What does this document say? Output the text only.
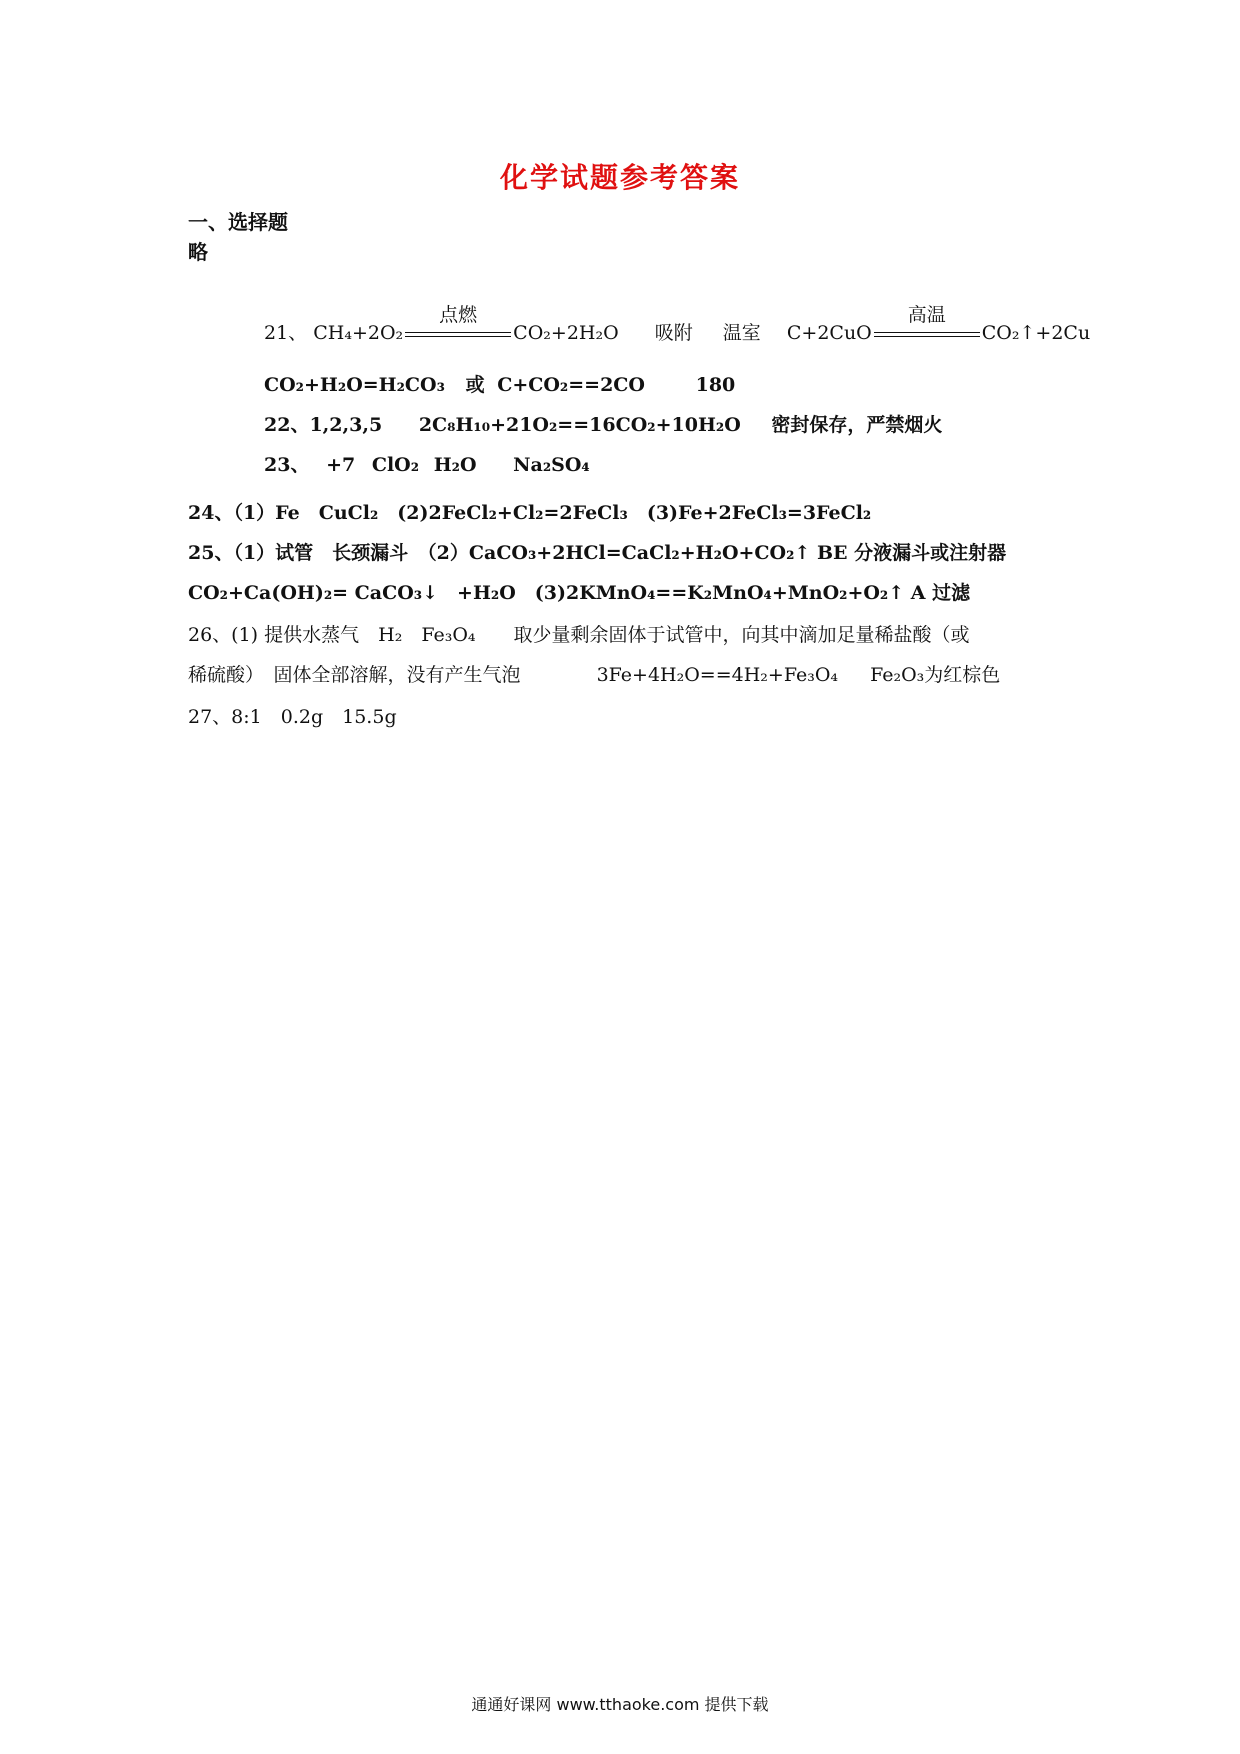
化学试题参考答案
一、选择题
略
21、 CH₄+2O₂
点燃
CO₂+2H₂O 吸附 温室 C+2CuO
高温
CO₂↑+2Cu
CO₂+H₂O=H₂CO₃ 或 C+CO₂==2CO	180
22、1,2,3,5 2C₈H₁₀+21O₂==16CO₂+10H₂O 密封保存，严禁烟火
23、 +7 ClO₂ H₂O Na₂SO₄
24、（1）Fe　CuCl₂　(2)2FeCl₂+Cl₂=2FeCl₃　(3)Fe+2FeCl₃=3FeCl₂
25、（1）试管　长颈漏斗　（2）CaCO₃+2HCl=CaCl₂+H₂O+CO₂↑ BE 分液漏斗或注射器
CO₂+Ca(OH)₂= CaCO₃↓　+H₂O　(3)2KMnO₄==K₂MnO₄+MnO₂+O₂↑ A 过滤
26、(1) 提供水蒸气　H₂　Fe₃O₄　　取少量剩余固体于试管中，向其中滴加足量稀盐酸（或
稀硫酸）　固体全部溶解，没有产生气泡	3Fe+4H₂O==4H₂+Fe₃O₄ Fe₂O₃为红棕色
27、8:1　0.2g　15.5g
通通好课网 www.tthaoke.com 提供下载
